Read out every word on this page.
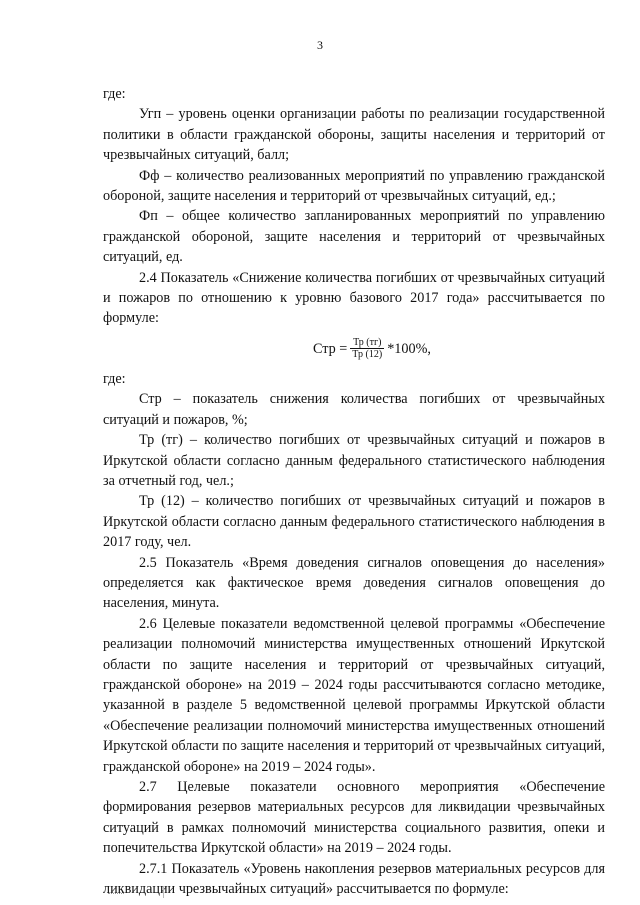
3

где:

Угп – уровень оценки организации работы по реализации государственной политики в области гражданской обороны, защиты населения и территорий от чрезвычайных ситуаций, балл;

Фф – количество реализованных мероприятий по управлению гражданской обороной, защите населения и территорий от чрезвычайных ситуаций, ед.;

Фп – общее количество запланированных мероприятий по управлению гражданской обороной, защите населения и территорий от чрезвычайных ситуаций, ед.

2.4 Показатель «Снижение количества погибших от чрезвычайных ситуаций и пожаров по отношению к уровню базового 2017 года» рассчитывается по формуле:

Стр = $\frac{Тр (тг)}{Тр (12)} *100\%$,

где:

Стр – показатель снижения количества погибших от чрезвычайных ситуаций и пожаров, %;

Тр (тг) – количество погибших от чрезвычайных ситуаций и пожаров в Иркутской области согласно данным федерального статистического наблюдения за отчетный год, чел.;

Тр (12) – количество погибших от чрезвычайных ситуаций и пожаров в Иркутской области согласно данным федерального статистического наблюдения в 2017 году, чел.

2.5 Показатель «Время доведения сигналов оповещения до населения» определяется как фактическое время доведения сигналов оповещения до населения, минута.

2.6 Целевые показатели ведомственной целевой программы «Обеспечение реализации полномочий министерства имущественных отношений Иркутской области по защите населения и территорий от чрезвычайных ситуаций, гражданской обороне» на 2019 – 2024 годы рассчитываются согласно методике, указанной в разделе 5 ведомственной целевой программы Иркутской области «Обеспечение реализации полномочий министерства имущественных отношений Иркутской области по защите населения и территорий от чрезвычайных ситуаций, гражданской обороне» на 2019 – 2024 годы».

2.7 Целевые показатели основного мероприятия «Обеспечение формирования резервов материальных ресурсов для ликвидации чрезвычайных ситуаций в рамках полномочий министерства социального развития, опеки и попечительства Иркутской области» на 2019 – 2024 годы.

2.7.1 Показатель «Уровень накопления резервов материальных ресурсов для ликвидации чрезвычайных ситуаций» рассчитывается по формуле:
